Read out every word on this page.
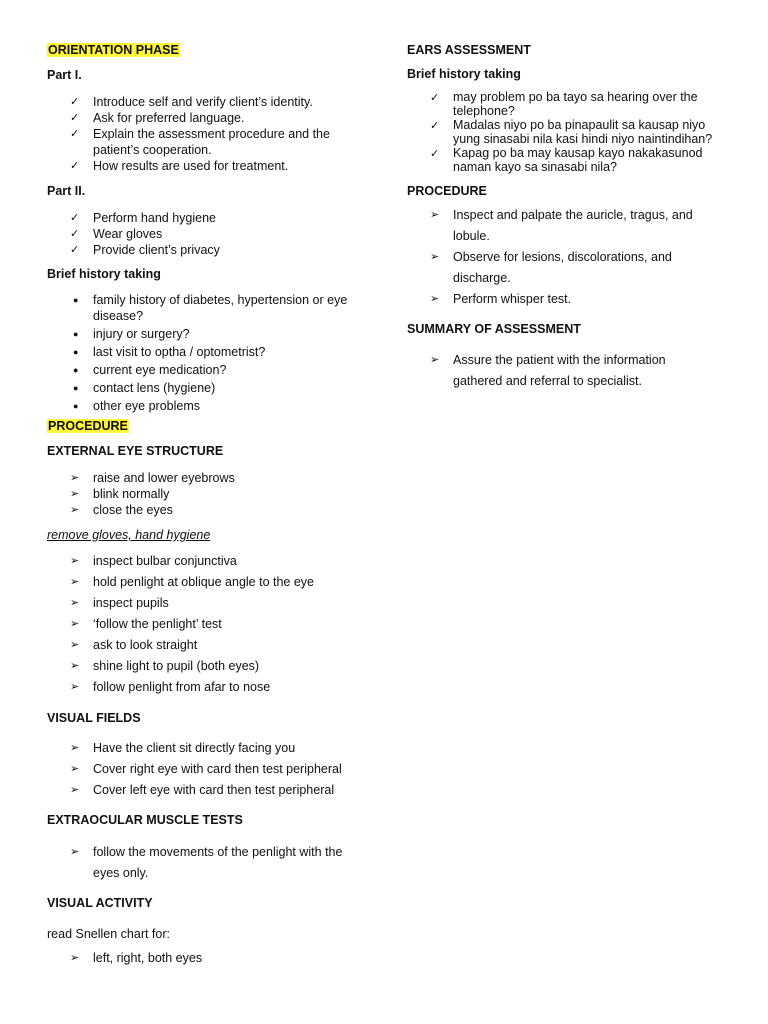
ORIENTATION PHASE
Part I.
✓	Introduce self and verify client’s identity.
✓	Ask for preferred language.
✓	Explain the assessment procedure and the
patient’s cooperation.
✓	How results are used for treatment.
Part II.
✓	Perform hand hygiene
✓	Wear gloves
✓	Provide client’s privacy
Brief history taking
●	family history of diabetes, hypertension or eye
disease?
●	injury or surgery?
●	last visit to optha / optometrist?
●	current eye medication?
●	contact lens (hygiene)
●	other eye problems
PROCEDURE
EXTERNAL EYE STRUCTURE
➢	raise and lower eyebrows
➢	blink normally
➢	close the eyes
remove gloves, hand hygiene
➢	inspect bulbar conjunctiva
➢	hold penlight at oblique angle to the eye
➢	inspect pupils
➢	‘follow the penlight’ test
➢	ask to look straight
➢	shine light to pupil (both eyes)
➢	follow penlight from afar to nose
VISUAL FIELDS
➢	Have the client sit directly facing you
➢	Cover right eye with card then test peripheral
➢	Cover left eye with card then test peripheral
EXTRAOCULAR MUSCLE TESTS
➢	follow the movements of the penlight with the
eyes only.
VISUAL ACTIVITY
read Snellen chart for:
➢	left, right, both eyes
EARS ASSESSMENT
Brief history taking
✓	may problem po ba tayo sa hearing over the
telephone?
✓	Madalas niyo po ba pinapaulit sa kausap niyo
yung sinasabi nila kasi hindi niyo naintindihan?
✓	Kapag po ba may kausap kayo nakakasunod
naman kayo sa sinasabi nila?
PROCEDURE
➢	Inspect and palpate the auricle, tragus, and
lobule.
➢	Observe for lesions, discolorations, and
discharge.
➢	Perform whisper test.
SUMMARY OF ASSESSMENT
➢	Assure the patient with the information
gathered and referral to specialist.
